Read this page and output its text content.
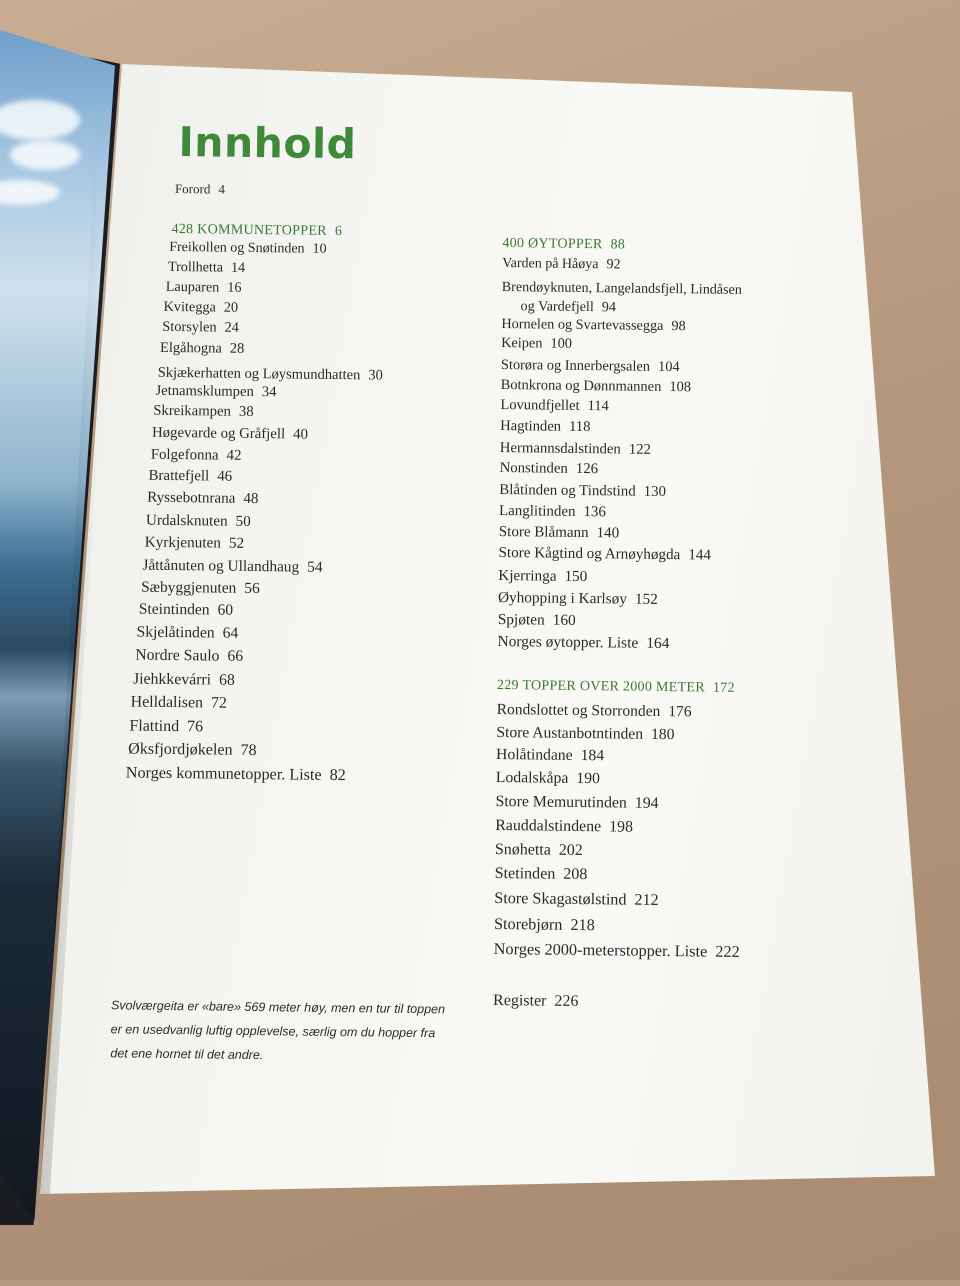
Innhold
Forord 4
428 KOMMUNETOPPER 6
Freikollen og Snøtinden 10
Trollhetta 14
Lauparen 16
Kvitegga 20
Storsylen 24
Elgåhogna 28
Skjækerhatten og Løysmundhatten 30
Jetnamsklumpen 34
Skreikampen 38
Høgevarde og Gråfjell 40
Folgefonna 42
Brattefjell 46
Ryssebotnrana 48
Urdalsknuten 50
Kyrkjenuten 52
Jåttånuten og Ullandhaug 54
Sæbyggjenuten 56
Steintinden 60
Skjelåtinden 64
Nordre Saulo 66
Jiehkkevárri 68
Helldalisen 72
Flattind 76
Øksfjordjøkelen 78
Norges kommunetopper. Liste 82
400 ØYTOPPER 88
229 TOPPER OVER 2000 METER 172
Register 226
Varden på Håøya 92
Brendøyknuten, Langelandsfjell, Lindåsen
og Vardefjell 94
Hornelen og Svartevassegga 98
Keipen 100
Storøra og Innerbergsalen 104
Botnkrona og Dønnmannen 108
Lovundfjellet 114
Hagtinden 118
Hermannsdalstinden 122
Nonstinden 126
Blåtinden og Tindstind 130
Langlitinden 136
Store Blåmann 140
Store Kågtind og Arnøyhøgda 144
Kjerringa 150
Øyhopping i Karlsøy 152
Spjøten 160
Norges øytopper. Liste 164
Rondslottet og Storronden 176
Store Austanbotntinden 180
Holåtindane 184
Lodalskåpa 190
Store Memurutinden 194
Rauddalstindene 198
Snøhetta 202
Stetinden 208
Store Skagastølstind 212
Storebjørn 218
Norges 2000-meterstopper. Liste 222

Svolværgeita er «bare» 569 meter høy, men en tur til toppen er en usedvanlig luftig opplevelse, særlig om du hopper fra det ene hornet til det andre.
